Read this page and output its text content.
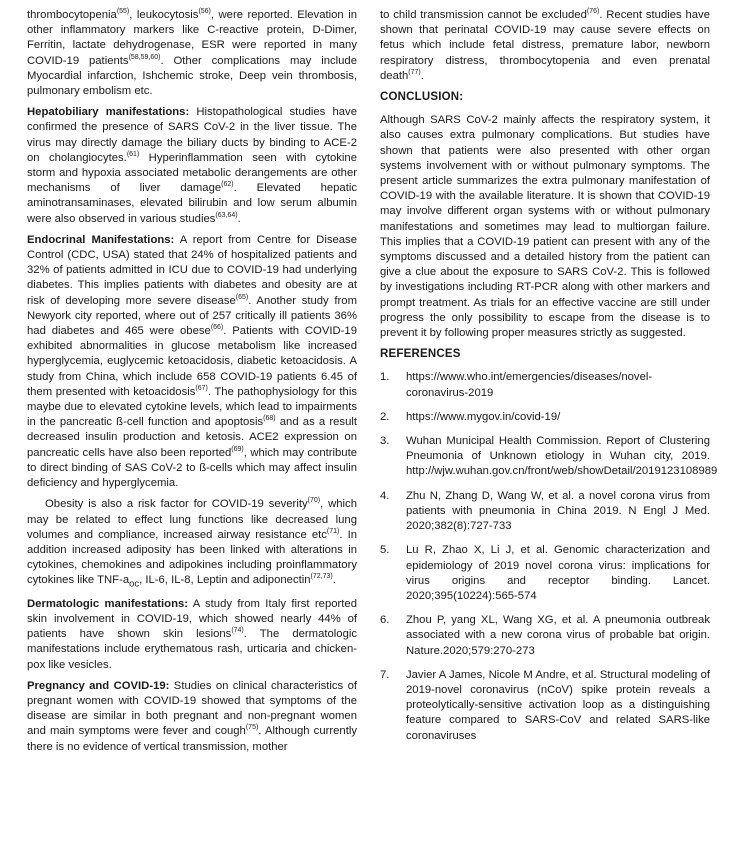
thrombocytopenia$^{(55)}$, leukocytosis$^{(56)}$, were reported. Elevation in other inflammatory markers like C-reactive protein, D-Dimer, Ferritin, lactate dehydrogenase, ESR were reported in many COVID-19 patients$^{(58,59,60)}$. Other complications may include Myocardial infarction, Ishchemic stroke, Deep vein thrombosis, pulmonary embolism etc.

Hepatobiliary manifestations: Histopathological studies have confirmed the presence of SARS CoV-2 in the liver tissue. The virus may directly damage the biliary ducts by binding to ACE-2 on cholangiocytes.$^{(61)}$ Hyperinflammation seen with cytokine storm and hypoxia associated metabolic derangements are other mechanisms of liver damage$^{(62)}$. Elevated hepatic aminotransaminases, elevated bilirubin and low serum albumin were also observed in various studies$^{(63,64)}$.

Endocrinal Manifestations: A report from Centre for Disease Control (CDC, USA) stated that 24% of hospitalized patients and 32% of patients admitted in ICU due to COVID-19 had underlying diabetes. This implies patients with diabetes and obesity are at risk of developing more severe disease$^{(65)}$. Another study from Newyork city reported, where out of 257 critically ill patients 36% had diabetes and 465 were obese$^{(66)}$. Patients with COVID-19 exhibited abnormalities in glucose metabolism like increased hyperglycemia, euglycemic ketoacidosis, diabetic ketoacidosis. A study from China, which include 658 COVID-19 patients 6.45 of them presented with ketoacidosis$^{(67)}$. The pathophysiology for this maybe due to elevated cytokine levels, which lead to impairments in the pancreatic ß-cell function and apoptosis$^{(68)}$ and as a result decreased insulin production and ketosis. ACE2 expression on pancreatic cells have also been reported$^{(69)}$, which may contribute to direct binding of SAS CoV-2 to ß-cells which may affect insulin deficiency and hyperglycemia.

Obesity is also a risk factor for COVID-19 severity$^{(70)}$, which may be related to effect lung functions like decreased lung volumes and compliance, increased airway resistance etc$^{(71)}$. In addition increased adiposity has been linked with alterations in cytokines, chemokines and adipokines including proinflammatory cytokines like TNF-$a_{oc}$, IL-6, IL-8, Leptin and adiponectin$^{(72,73)}$.

Dermatologic manifestations: A study from Italy first reported skin involvement in COVID-19, which showed nearly 44% of patients have shown skin lesions$^{(74)}$. The dermatologic manifestations include erythematous rash, urticaria and chicken-pox like vesicles.

Pregnancy and COVID-19: Studies on clinical characteristics of pregnant women with COVID-19 showed that symptoms of the disease are similar in both pregnant and non-pregnant women and main symptoms were fever and cough$^{(75)}$. Although currently there is no evidence of vertical transmission, mother

to child transmission cannot be excluded$^{(76)}$. Recent studies have shown that perinatal COVID-19 may cause severe effects on fetus which include fetal distress, premature labor, newborn respiratory distress, thrombocytopenia and even prenatal death$^{(77)}$.

CONCLUSION:

Although SARS CoV-2 mainly affects the respiratory system, it also causes extra pulmonary complications. But studies have shown that patients were also presented with other organ systems involvement with or without pulmonary symptoms. The present article summarizes the extra pulmonary manifestation of COVID-19 with the available literature. It is shown that COVID-19 may involve different organ systems with or without pulmonary manifestations and sometimes may lead to multiorgan failure. This implies that a COVID-19 patient can present with any of the symptoms discussed and a detailed history from the patient can give a clue about the exposure to SARS CoV-2. This is followed by investigations including RT-PCR along with other markers and prompt treatment. As trials for an effective vaccine are still under progress the only possibility to escape from the disease is to prevent it by following proper measures strictly as suggested.

REFERENCES
1. https://www.who.int/emergencies/diseases/novel-coronavirus-2019
2. https://www.mygov.in/covid-19/
3. Wuhan Municipal Health Commission. Report of Clustering Pneumonia of Unknown etiology in Wuhan city, 2019. http://wjw.wuhan.gov.cn/front/web/showDetail/2019123108989
4. Zhu N, Zhang D, Wang W, et al. a novel corona virus from patients with pneumonia in China 2019. N Engl J Med. 2020;382(8):727-733
5. Lu R, Zhao X, Li J, et al. Genomic characterization and epidemiology of 2019 novel corona virus: implications for virus origins and receptor binding. Lancet. 2020;395(10224):565-574
6. Zhou P, yang XL, Wang XG, et al. A pneumonia outbreak associated with a new corona virus of probable bat origin. Nature.2020;579:270-273
7. Javier A James, Nicole M Andre, et al. Structural modeling of 2019-novel coronavirus (nCoV) spike protein reveals a proteolytically-sensitive activation loop as a distinguishing feature compared to SARS-CoV and related SARS-like coronaviruses
